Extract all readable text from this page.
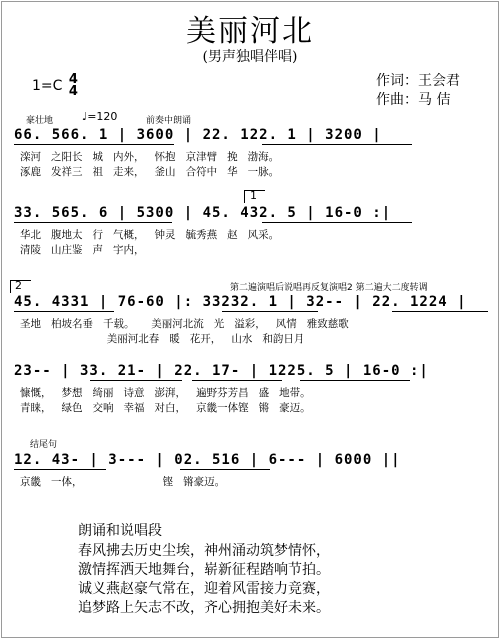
美丽河北
(男声独唱伴唱)
1=C 4
4
作词：王会君
作曲：马 佶
豪壮地	♩=120	前奏中朗诵
66. 566. 1 | 3600 | 22. 122. 1 | 3200 |
滦河   之阳长   城   内外，   怀抱   京津臂   挽   渤海。
涿鹿   发祥三   祖   走来，   釜山   合符中   华   一脉。
1
33. 565. 6 | 5300 | 45. 432. 5 | 16-0 :|
华北   腹地太   行   气概，   钟灵   毓秀燕   赵   风采。
清陵   山庄鉴   声   宇内，
2	第二遍演唱后说唱再反复演唱2 第二遍大二度转调
45. 4331 | 76-60 |: 33232. 1 | 32-- | 22. 1224 |
圣地   柏坡名垂   千载。     美丽河北流   光   溢彩，   风情   雅致慈歌
美丽河北春   暖   花开，   山水   和韵日月
23-- | 33. 21- | 22. 17- | 1225. 5 | 16-0 :|
慷慨，   梦想   绮丽   诗意   澎湃，   遍野芬芳昌   盛   地带。
青睐，   绿色   交响   幸福   对白，   京畿一体铿   锵   豪迈。
结尾句
12. 43- | 3--- | 02. 516 | 6--- | 6000 ||
京畿   一体，                        铿   锵豪迈。
朗诵和说唱段
春风拂去历史尘埃，神州涌动筑梦情怀，
激情挥洒天地舞台，崭新征程踏响节拍。
诚义燕赵豪气常在，迎着风雷接力竞赛，
追梦路上矢志不改，齐心拥抱美好未来。
